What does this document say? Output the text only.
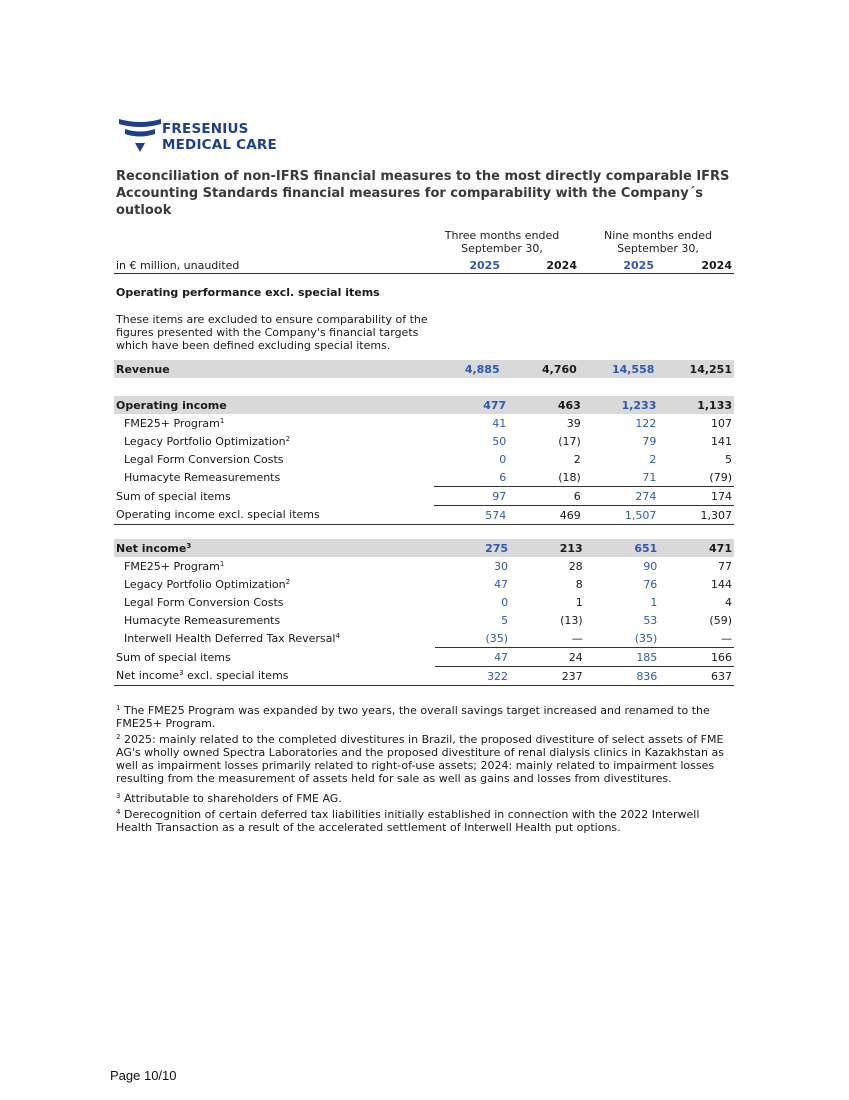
FRESENIUS
MEDICAL CARE
Reconciliation of non-IFRS financial measures to the most directly comparable IFRS Accounting Standards financial measures for comparability with the Company´s outlook
Three months ended
September 30,
Nine months ended
September 30,
in € million, unaudited	2025	2024	2025	2024
Operating performance excl. special items
These items are excluded to ensure comparability of the figures presented with the Company's financial targets which have been defined excluding special items.
Revenue	4,885	4,760	14,558	14,251
Operating income	477	463	1,233	1,133
FME25+ Program$^1$	41	39	122	107
Legacy Portfolio Optimization$^2$	50	(17)	79	141
Legal Form Conversion Costs	0	2	2	5
Humacyte Remeasurements	6	(18)	71	(79)
Sum of special items	97	6	274	174
Operating income excl. special items	574	469	1,507	1,307
Net income$^3$	275	213	651	471
FME25+ Program$^1$	30	28	90	77
Legacy Portfolio Optimization$^2$	47	8	76	144
Legal Form Conversion Costs	0	1	1	4
Humacyte Remeasurements	5	(13)	53	(59)
Interwell Health Deferred Tax Reversal$^4$	(35)	—	(35)	—
Sum of special items	47	24	185	166
Net income$^3$ excl. special items	322	237	836	637
$^1$ The FME25 Program was expanded by two years, the overall savings target increased and renamed to the FME25+ Program.
$^2$ 2025: mainly related to the completed divestitures in Brazil, the proposed divestiture of select assets of FME AG's wholly owned Spectra Laboratories and the proposed divestiture of renal dialysis clinics in Kazakhstan as well as impairment losses primarily related to right-of-use assets; 2024: mainly related to impairment losses resulting from the measurement of assets held for sale as well as gains and losses from divestitures.
$^3$ Attributable to shareholders of FME AG.
$^4$ Derecognition of certain deferred tax liabilities initially established in connection with the 2022 Interwell Health Transaction as a result of the accelerated settlement of Interwell Health put options.
Page 10/10
